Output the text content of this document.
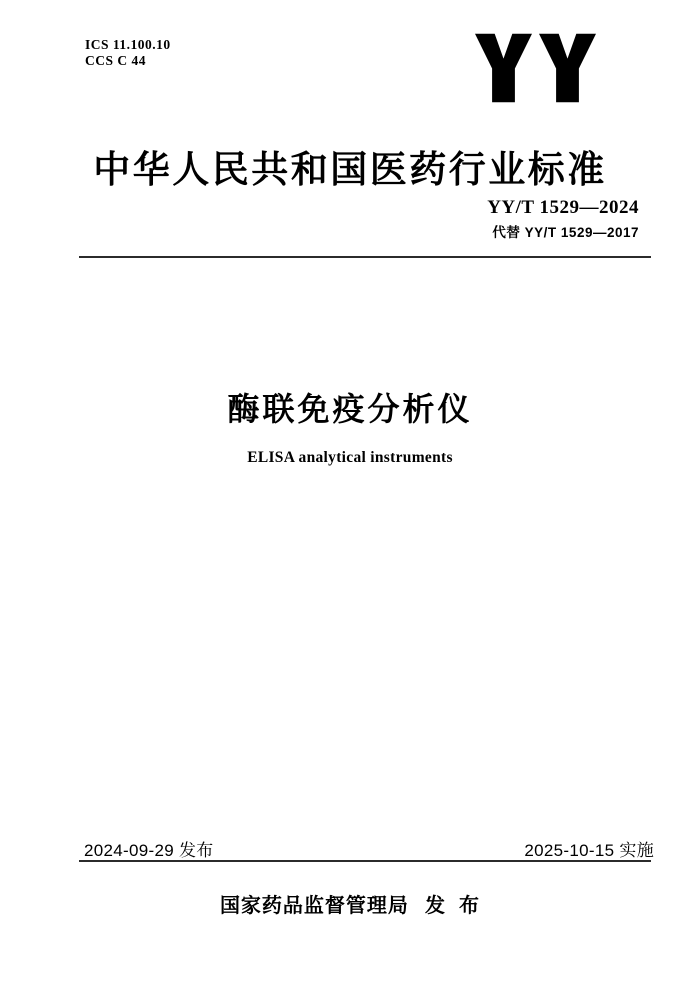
ICS 11.100.10
CCS C 44
中华人民共和国医药行业标准
YY/T 1529—2024
代替 YY/T 1529—2017
酶联免疫分析仪
ELISA analytical instruments
2024-09-29 发布	2025-10-15 实施
国家药品监督管理局 发  布
